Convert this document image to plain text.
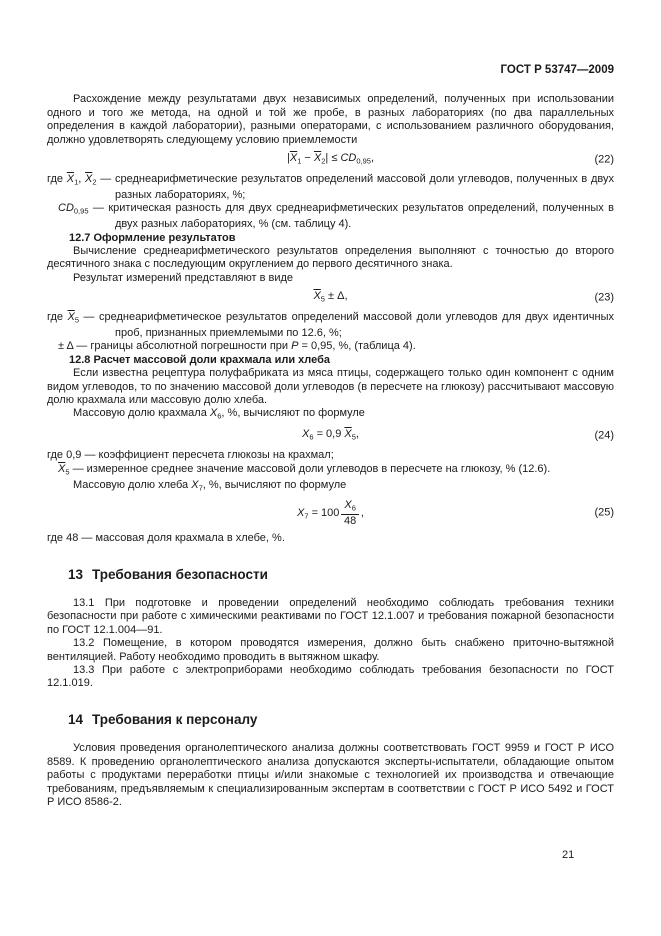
ГОСТ Р 53747—2009

Расхождение между результатами двух независимых определений, полученных при использовании одного и того же метода, на одной и той же пробе, в разных лабораториях (по два параллельных определения в каждой лаборатории), разными операторами, с использованием различного оборудования, должно удовлетворять следующему условию приемлемости

$|\overline{X}_1 - \overline{X}_2| \le CD_{0,95}$,	(22)
где $\overline{X}_1$, $\overline{X}_2$ — среднеарифметические результатов определений массовой доли углеводов, полученных в двух разных лабораториях, %;
$CD_{0,95}$ — критическая разность для двух среднеарифметических результатов определений, полученных в двух разных лабораториях, % (см. таблицу 4).

12.7 Оформление результатов

Вычисление среднеарифметического результатов определения выполняют с точностью до второго десятичного знака с последующим округлением до первого десятичного знака.

Результат измерений представляют в виде

$\overline{X}_5 \pm \Delta$,	(23)
где $\overline{X}_5$ — среднеарифметическое результатов определений массовой доли углеводов для двух идентичных проб, признанных приемлемыми по 12.6, %;
± Δ — границы абсолютной погрешности при P = 0,95, %, (таблица 4).

12.8 Расчет массовой доли крахмала или хлеба

Если известна рецептура полуфабриката из мяса птицы, содержащего только один компонент с одним видом углеводов, то по значению массовой доли углеводов (в пересчете на глюкозу) рассчитывают массовую долю крахмала или массовую долю хлеба.

Массовую долю крахмала $X_6$, %, вычисляют по формуле

$X_6 = 0,9$ $\overline{X}_5$,	(24)
где 0,9 — коэффициент пересчета глюкозы на крахмал;
$\overline{X}_5$ — измеренное среднее значение массовой доли углеводов в пересчете на глюкозу, % (12.6).

Массовую долю хлеба $X_7$, %, вычисляют по формуле

$X_7 = 100 \frac{X_6}{48}$ ,	(25)
где 48 — массовая доля крахмала в хлебе, %.
13 Требования безопасности

13.1 При подготовке и проведении определений необходимо соблюдать требования техники безопасности при работе с химическими реактивами по ГОСТ 12.1.007 и требования пожарной безопасности по ГОСТ 12.1.004—91.

13.2 Помещение, в котором проводятся измерения, должно быть снабжено приточно-вытяжной вентиляцией. Работу необходимо проводить в вытяжном шкафу.

13.3 При работе с электроприборами необходимо соблюдать требования безопасности по ГОСТ 12.1.019.

14 Требования к персоналу

Условия проведения органолептического анализа должны соответствовать ГОСТ 9959 и ГОСТ Р ИСО 8589. К проведению органолептического анализа допускаются эксперты-испытатели, обладающие опытом работы с продуктами переработки птицы и/или знакомые с технологией их производства и отвечающие требованиям, предъявляемым к специализированным экспертам в соответствии с ГОСТ Р ИСО 5492 и ГОСТ Р ИСО 8586-2.

21
